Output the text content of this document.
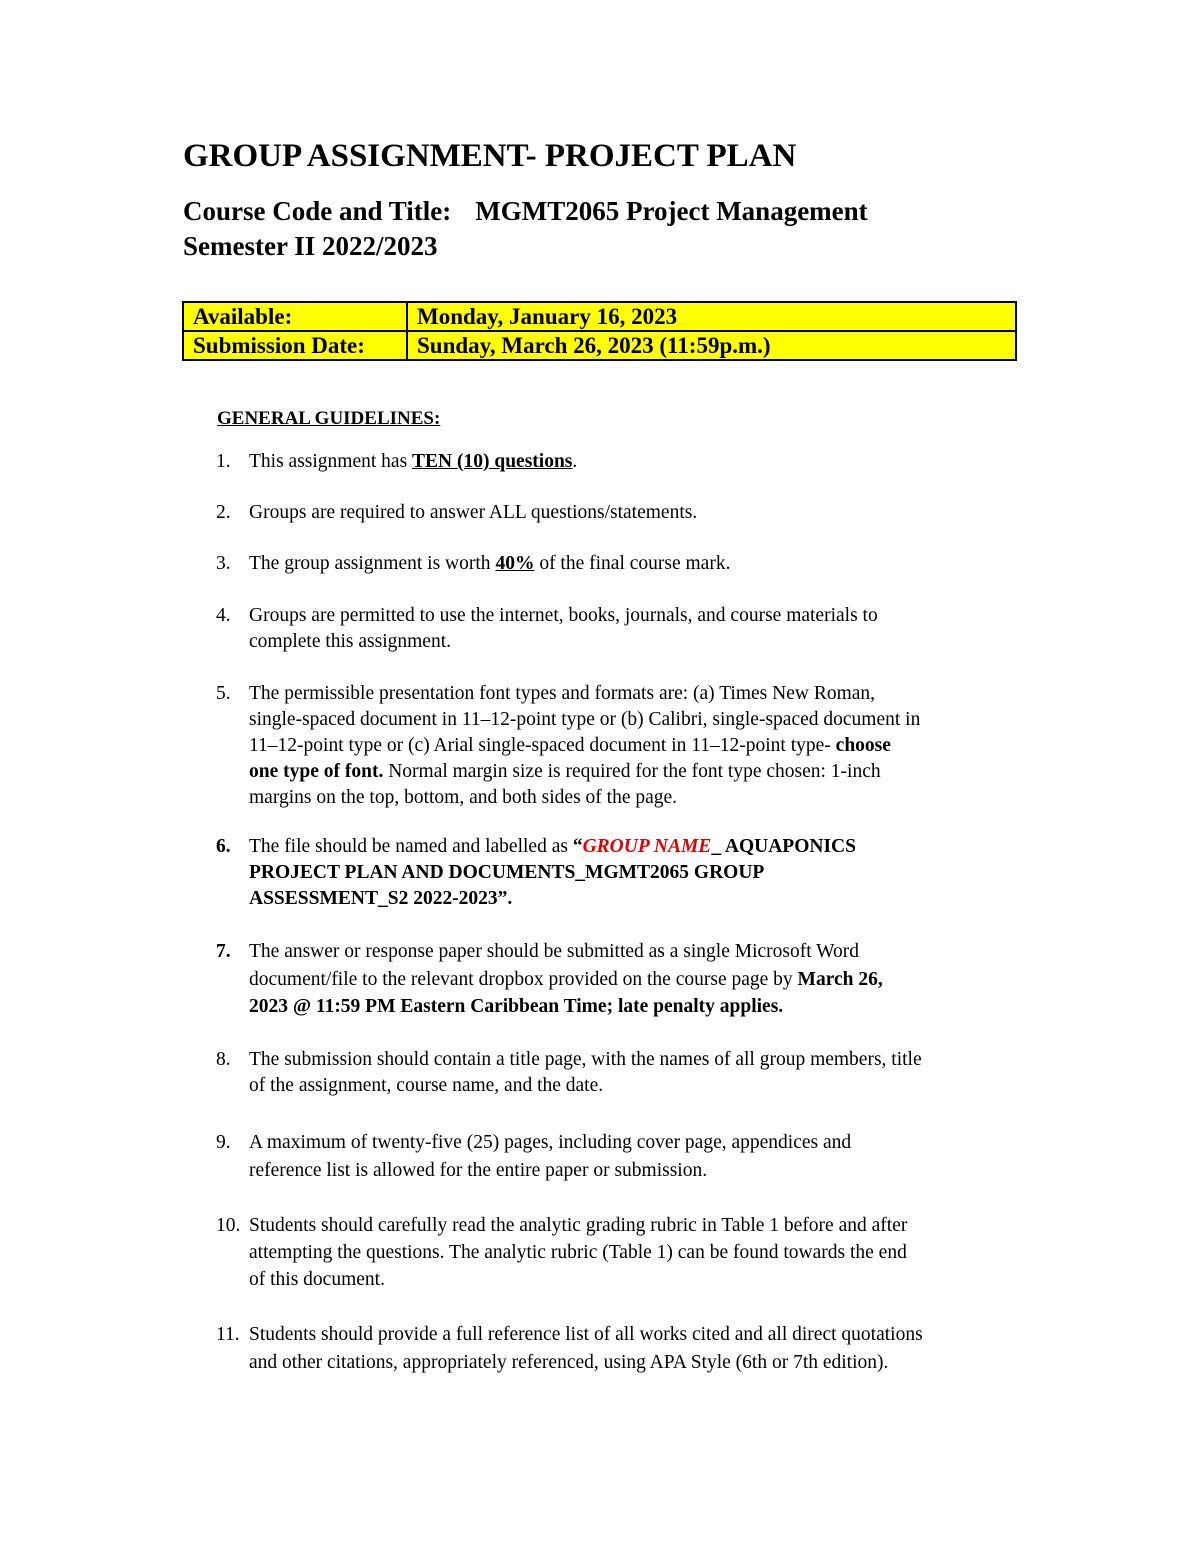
GROUP ASSIGNMENT- PROJECT PLAN
Course Code and Title: MGMT2065 Project Management
Semester II 2022/2023
Available:	Monday, January 16, 2023
Submission Date:	Sunday, March 26, 2023 (11:59p.m.)
GENERAL GUIDELINES:
1. This assignment has TEN (10) questions.
2. Groups are required to answer ALL questions/statements.
3. The group assignment is worth 40% of the final course mark.
4. Groups are permitted to use the internet, books, journals, and course materials to
complete this assignment.
5. The permissible presentation font types and formats are: (a) Times New Roman,
single-spaced document in 11–12-point type or (b) Calibri, single-spaced document in
11–12-point type or (c) Arial single-spaced document in 11–12-point type- choose
one type of font. Normal margin size is required for the font type chosen: 1-inch
margins on the top, bottom, and both sides of the page.
6. The file should be named and labelled as “GROUP NAME_ AQUAPONICS
PROJECT PLAN AND DOCUMENTS_MGMT2065 GROUP
ASSESSMENT_S2 2022-2023”.
7. The answer or response paper should be submitted as a single Microsoft Word
document/file to the relevant dropbox provided on the course page by March 26,
2023 @ 11:59 PM Eastern Caribbean Time; late penalty applies.
8. The submission should contain a title page, with the names of all group members, title
of the assignment, course name, and the date.
9. A maximum of twenty-five (25) pages, including cover page, appendices and
reference list is allowed for the entire paper or submission.
10. Students should carefully read the analytic grading rubric in Table 1 before and after
attempting the questions. The analytic rubric (Table 1) can be found towards the end
of this document.
11. Students should provide a full reference list of all works cited and all direct quotations
and other citations, appropriately referenced, using APA Style (6th or 7th edition).
